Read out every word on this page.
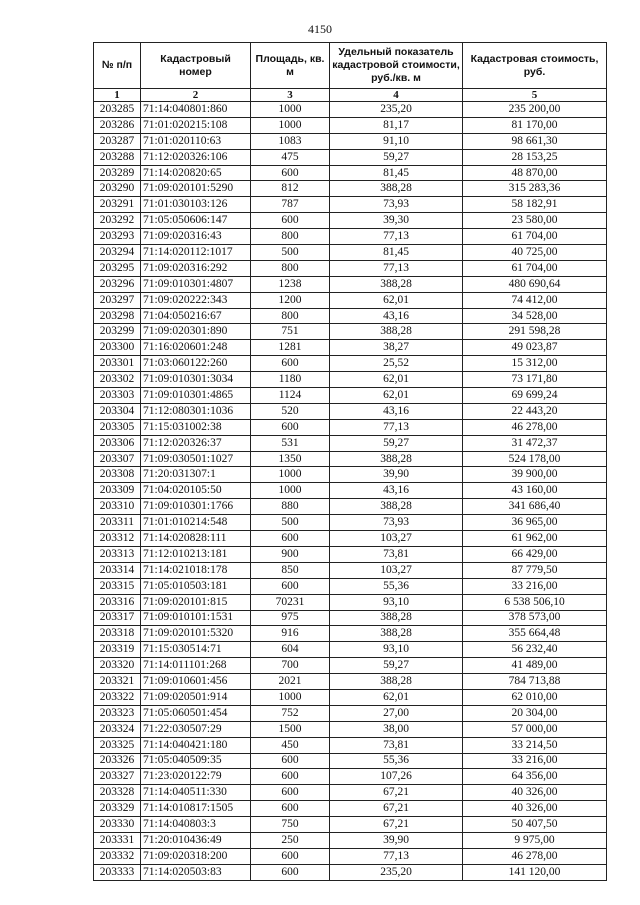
4150
№ п/п	Кадастровый номер	Площадь, кв. м	Удельный показатель кадастровой стоимости, руб./кв. м	Кадастровая стоимость, руб.
1	2	3	4	5
203285	71:14:040801:860	1000	235,20	235 200,00
203286	71:01:020215:108	1000	81,17	81 170,00
203287	71:01:020110:63	1083	91,10	98 661,30
203288	71:12:020326:106	475	59,27	28 153,25
203289	71:14:020820:65	600	81,45	48 870,00
203290	71:09:020101:5290	812	388,28	315 283,36
203291	71:01:030103:126	787	73,93	58 182,91
203292	71:05:050606:147	600	39,30	23 580,00
203293	71:09:020316:43	800	77,13	61 704,00
203294	71:14:020112:1017	500	81,45	40 725,00
203295	71:09:020316:292	800	77,13	61 704,00
203296	71:09:010301:4807	1238	388,28	480 690,64
203297	71:09:020222:343	1200	62,01	74 412,00
203298	71:04:050216:67	800	43,16	34 528,00
203299	71:09:020301:890	751	388,28	291 598,28
203300	71:16:020601:248	1281	38,27	49 023,87
203301	71:03:060122:260	600	25,52	15 312,00
203302	71:09:010301:3034	1180	62,01	73 171,80
203303	71:09:010301:4865	1124	62,01	69 699,24
203304	71:12:080301:1036	520	43,16	22 443,20
203305	71:15:031002:38	600	77,13	46 278,00
203306	71:12:020326:37	531	59,27	31 472,37
203307	71:09:030501:1027	1350	388,28	524 178,00
203308	71:20:031307:1	1000	39,90	39 900,00
203309	71:04:020105:50	1000	43,16	43 160,00
203310	71:09:010301:1766	880	388,28	341 686,40
203311	71:01:010214:548	500	73,93	36 965,00
203312	71:14:020828:111	600	103,27	61 962,00
203313	71:12:010213:181	900	73,81	66 429,00
203314	71:14:021018:178	850	103,27	87 779,50
203315	71:05:010503:181	600	55,36	33 216,00
203316	71:09:020101:815	70231	93,10	6 538 506,10
203317	71:09:010101:1531	975	388,28	378 573,00
203318	71:09:020101:5320	916	388,28	355 664,48
203319	71:15:030514:71	604	93,10	56 232,40
203320	71:14:011101:268	700	59,27	41 489,00
203321	71:09:010601:456	2021	388,28	784 713,88
203322	71:09:020501:914	1000	62,01	62 010,00
203323	71:05:060501:454	752	27,00	20 304,00
203324	71:22:030507:29	1500	38,00	57 000,00
203325	71:14:040421:180	450	73,81	33 214,50
203326	71:05:040509:35	600	55,36	33 216,00
203327	71:23:020122:79	600	107,26	64 356,00
203328	71:14:040511:330	600	67,21	40 326,00
203329	71:14:010817:1505	600	67,21	40 326,00
203330	71:14:040803:3	750	67,21	50 407,50
203331	71:20:010436:49	250	39,90	9 975,00
203332	71:09:020318:200	600	77,13	46 278,00
203333	71:14:020503:83	600	235,20	141 120,00
